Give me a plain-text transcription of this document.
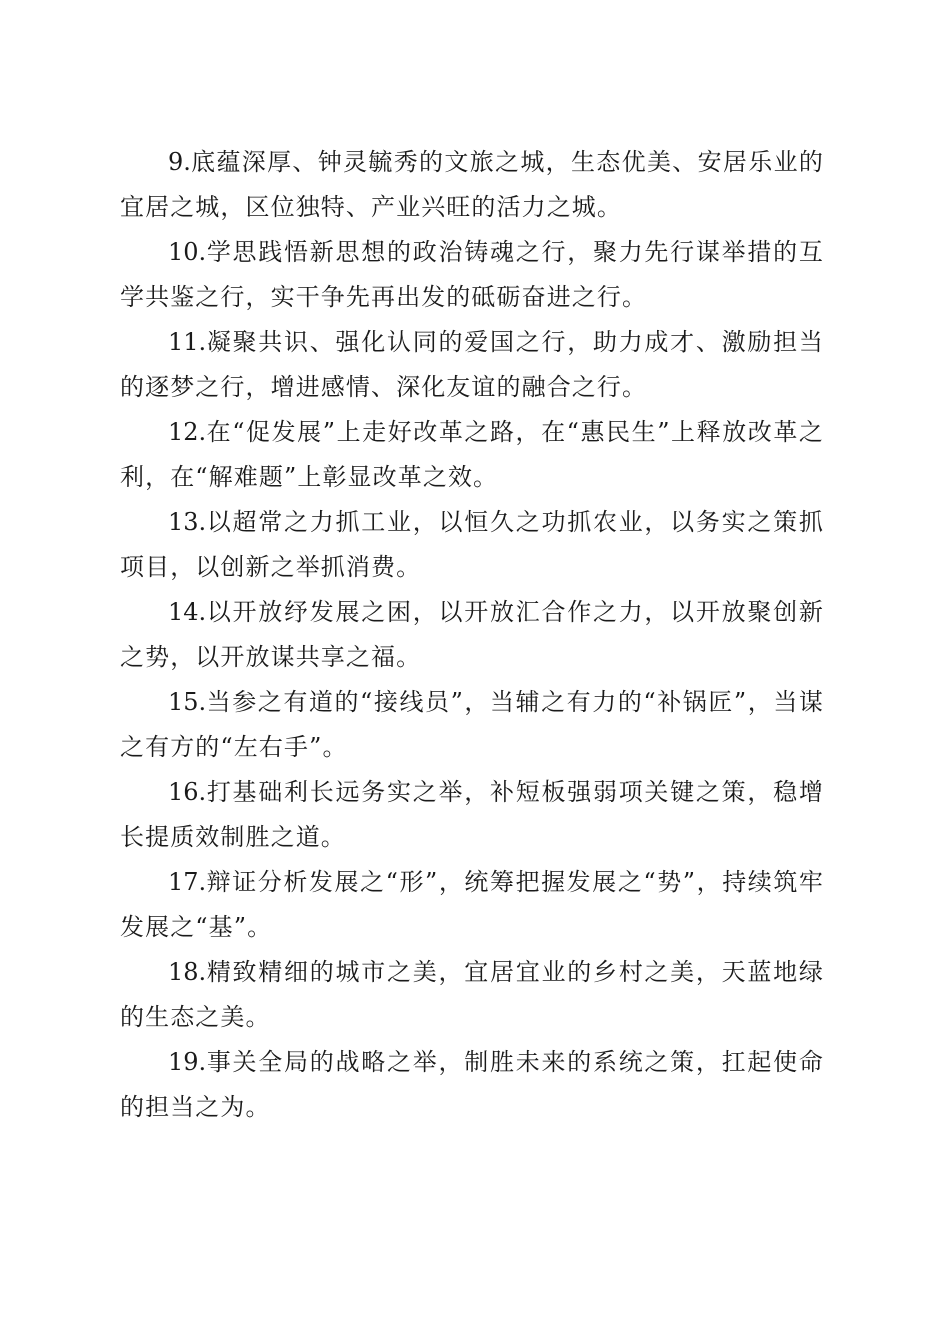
9.底蕴深厚、钟灵毓秀的文旅之城，生态优美、安居乐业的宜居之城，区位独特、产业兴旺的活力之城。

10.学思践悟新思想的政治铸魂之行，聚力先行谋举措的互学共鉴之行，实干争先再出发的砥砺奋进之行。

11.凝聚共识、强化认同的爱国之行，助力成才、激励担当的逐梦之行，增进感情、深化友谊的融合之行。

12.在“促发展”上走好改革之路，在“惠民生”上释放改革之利，在“解难题”上彰显改革之效。

13.以超常之力抓工业，以恒久之功抓农业，以务实之策抓项目，以创新之举抓消费。

14.以开放纾发展之困，以开放汇合作之力，以开放聚创新之势，以开放谋共享之福。

15.当参之有道的“接线员”，当辅之有力的“补锅匠”，当谋之有方的“左右手”。

16.打基础利长远务实之举，补短板强弱项关键之策，稳增长提质效制胜之道。

17.辩证分析发展之“形”，统筹把握发展之“势”，持续筑牢发展之“基”。

18.精致精细的城市之美，宜居宜业的乡村之美，天蓝地绿的生态之美。

19.事关全局的战略之举，制胜未来的系统之策，扛起使命的担当之为。
